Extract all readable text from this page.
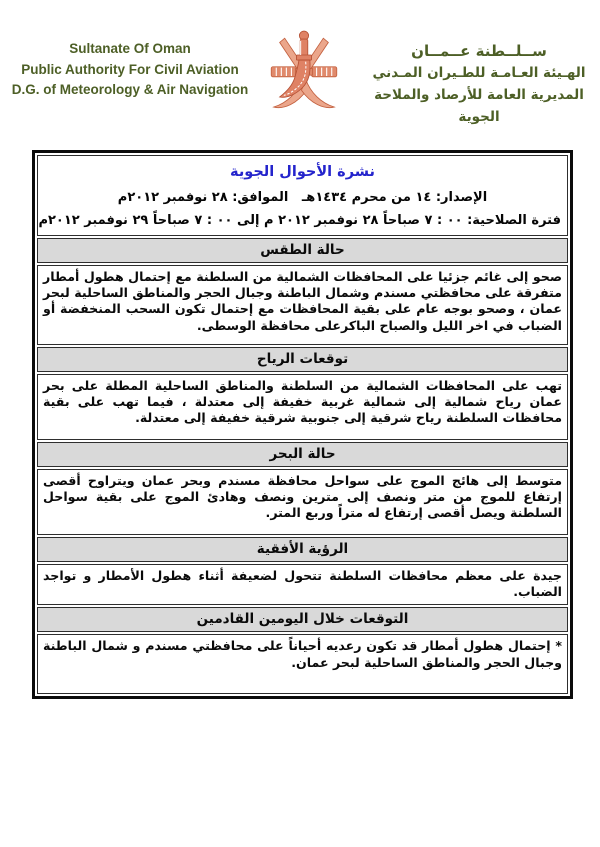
Sultanate Of Oman
Public Authority For Civil Aviation
D.G. of Meteorology & Air Navigation
ســلــطنة عــمــان
الهـيئة العـامـة للطـيران المـدني
المديرية العامة للأرصاد والملاحة الجوية
نشرة الأحوال الجوية
الإصدار: ١٤ من محرم ١٤٣٤هـ   الموافق: ٢٨ نوفمبر ٢٠١٢م
فترة الصلاحية: ٠٠ : ٧ صباحاً ٢٨ نوفمبر ٢٠١٢ م إلى ٠٠ : ٧ صباحاً ٢٩ نوفمبر ٢٠١٢م
حالة الطقس
صحو إلى غائم جزئيا على المحافظات الشمالية من السلطنة مع إحتمال هطول أمطار متفرقة على محافظتي مسندم وشمال الباطنة وجبال الحجر والمناطق الساحلية لبحر عمان ، وصحو بوجه عام على بقية المحافظات مع إحتمال تكون السحب المنخفضة أو الضباب في اخر الليل والصباح الباكرعلى محافظة الوسطى.
توقعات الرياح
تهب على المحافظات الشمالية من السلطنة والمناطق الساحلية المطلة على بحر عمان رياح شمالية إلى شمالية غربية خفيفة إلى معتدلة ، فيما تهب على بقية محافظات السلطنة رياح شرقية إلى جنوبية شرقية خفيفة إلى معتدلة.
حالة البحر
متوسط إلى هائج الموج على سواحل محافظة مسندم وبحر عمان ويتراوح أقصى إرتفاع للموج من متر ونصف إلى مترين ونصف وهادئ الموج على بقية سواحل السلطنة ويصل أقصى إرتفاع له متراً وربع المتر.
الرؤية الأفقية
جيدة على معظم محافظات السلطنة تتحول لضعيفة أثناء هطول الأمطار و تواجد الضباب.
التوقعات خلال اليومين القادمين
* إحتمال هطول أمطار قد تكون رعديه أحياناً على محافظتي مسندم و شمال الباطنة وجبال الحجر والمناطق الساحلية لبحر عمان.
